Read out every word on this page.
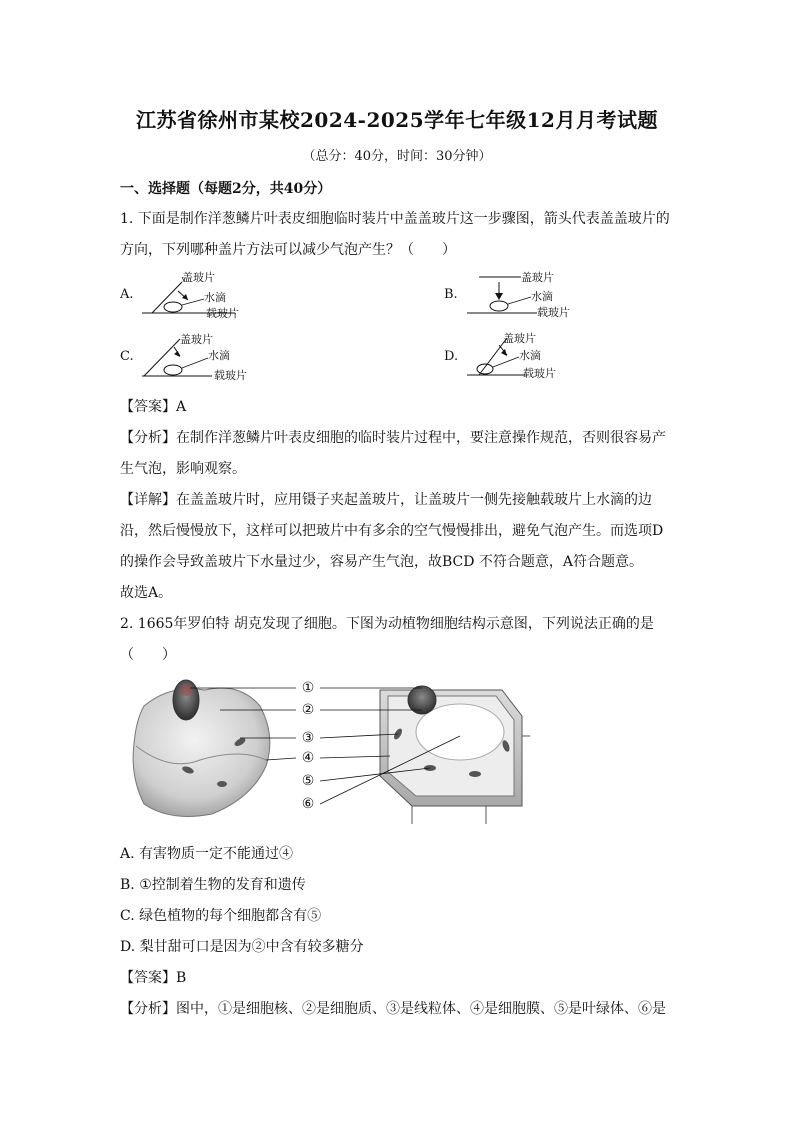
江苏省徐州市某校2024-2025学年七年级12月月考试题
（总分：40分，时间：30分钟）
一、选择题（每题2分，共40分）
1. 下面是制作洋葱鳞片叶表皮细胞临时装片中盖盖玻片这一步骤图，箭头代表盖盖玻片的
方向，下列哪种盖片方法可以减少气泡产生？（　　）
A.
盖玻片
水滴
载玻片
B.
盖玻片
水滴
载玻片
C.
盖玻片
水滴
载玻片
D.
盖玻片
水滴
载玻片
【答案】A
【分析】在制作洋葱鳞片叶表皮细胞的临时装片过程中，要注意操作规范，否则很容易产
生气泡，影响观察。
【详解】在盖盖玻片时，应用镊子夹起盖玻片，让盖玻片一侧先接触载玻片上水滴的边
沿，然后慢慢放下，这样可以把玻片中有多余的空气慢慢排出，避免气泡产生。而选项D
的操作会导致盖玻片下水量过少，容易产生气泡，故BCD 不符合题意，A符合题意。
故选A。
2. 1665年罗伯特 胡克发现了细胞。下图为动植物细胞结构示意图，下列说法正确的是
（　　）
①
②
③
④
⑤
⑥
A. 有害物质一定不能通过④
B. ①控制着生物的发育和遗传
C. 绿色植物的每个细胞都含有⑤
D. 梨甘甜可口是因为②中含有较多糖分
【答案】B
【分析】图中，①是细胞核、②是细胞质、③是线粒体、④是细胞膜、⑤是叶绿体、⑥是
